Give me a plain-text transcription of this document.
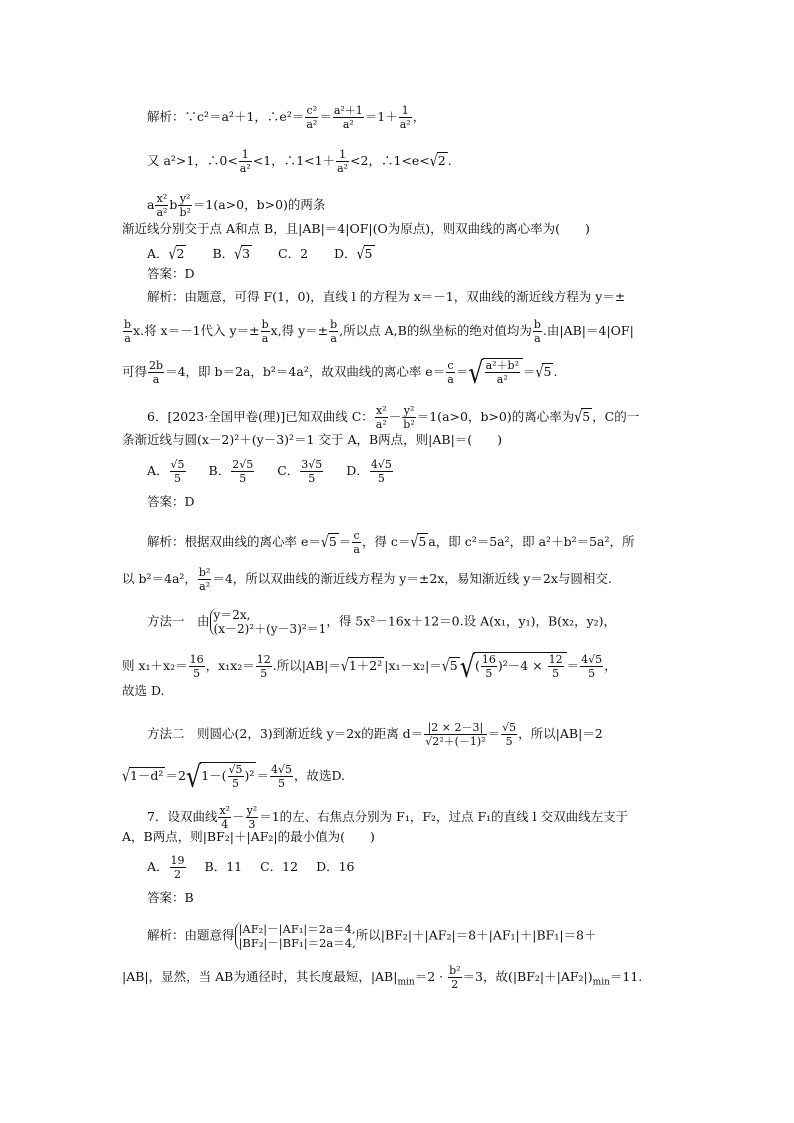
解析：∵c²＝a²＋1，∴e²＝ $\frac{\text{c²}}{\text{a²}} = \frac{\text{a²＋1}}{\text{a²}} =1+ \frac{1}{\text{a²}}$ ，
又 a²>1，∴0< $\frac{1}{\text{a²}} <1$，∴1<1＋ $\frac{1}{\text{a²}} <2$，∴1<e<√2 .
a $\frac{\text{x²}}{\text{a²}}$ b $\frac{\text{y²}}{\text{b²}} =1(a>0$，b>0)的两条
渐近线分别交于点 A和点 B，且|AB|＝4|OF|(O为原点)，则双曲线的离心率为(　　)
A．√2 B．√3 C．2 D．√5
答案：D
解析：由题意，可得 F(1，0)，直线 l 的方程为 x＝－1，双曲线的渐近线方程为 y＝±
$\frac{b}{a} x$.将 x＝－1代入 $y=\pm \frac{b}{a} x$,得 $y=\pm \frac{b}{a}$ ,所以点 A,B的纵坐标的绝对值均为 $\frac{b}{a}$ .由|AB|＝4|OF|
可得 $\frac{2b}{a} =4$，即 b＝2a，b²＝4a²，故双曲线的离心率 $e= \frac{c}{a}$ ＝√ $\frac{\text{a²＋b²}}{\text{a²}} =√5$ .
6．[2023·全国甲卷(理)]已知双曲线 C： $\frac{\text{x²}}{\text{a²}} - \frac{\text{y²}}{\text{b²}} =1(a>0$，b>0)的离心率为√5 ，C的一
条渐近线与圆(x－2)²＋(y－3)²＝1 交于 A，B两点，则|AB|＝(　　)
A． $\frac{√5}{5}$ B． $\frac{2√5}{5}$ C． $\frac{3√5}{5}$ D． $\frac{4√5}{5}$
答案：D
解析：根据双曲线的离心率 $e=√5 = \frac{c}{a}$ ，得 c＝√5 a，即 c²＝5a²，即 a²＋b²＝5a²，所
以 b²＝4a²， $\frac{\text{b²}}{\text{a²}} =4$，所以双曲线的渐近线方程为 y＝±2x，易知渐近线 y＝2x与圆相交.
方法一　由 y＝2x,
(x－2)²＋(y－3)²＝1
，得 5x²－16x＋12＝0.设 A(x₁，y₁)，B(x₂，y₂)，
则 $x_1+x_2= \frac{16}{5}$ ，$x_1x_2= \frac{12}{5}$ .所以|AB|＝√1＋2² $|x_1-x_2|=√5√( \frac{16}{5} )^2-4 \times \frac{12}{5} = \frac{4√5}{5}$ ，
故选 D.
方法二　则圆心(2，3)到渐近线 y＝2x的距离 $d= \frac{|2 \times 2-3|}{\text{√2²＋(－1)²}} = \frac{√5}{5}$ ，所以|AB|＝2
$√1-d^2 =2√1-( \frac{√5}{5} )^2 = \frac{4√5}{5}$ ，故选D.
7．设双曲线 $\frac{\text{x²}}{4} - \frac{\text{y²}}{3} =1$的左、右焦点分别为 F₁，F₂，过点 F₁的直线 l 交双曲线左支于
A，B两点，则|BF₂|＋|AF₂|的最小值为(　　)
A． $\frac{19}{2}$ B．11 C．12 D．16
答案：B
解析：由题意得 |AF₂|－|AF₁|＝2a＝4,
|BF₂|－|BF₁|＝2a＝4,
所以|BF₂|＋|AF₂|＝8＋|AF₁|＋|BF₁|＝8＋
|AB|，显然，当 AB为通径时，其长度最短，$|AB|_{min}=2 \cdot \frac{\text{b²}}{2} =3$，故$(|BF_2|+|AF_2|)_{min}=11$.
